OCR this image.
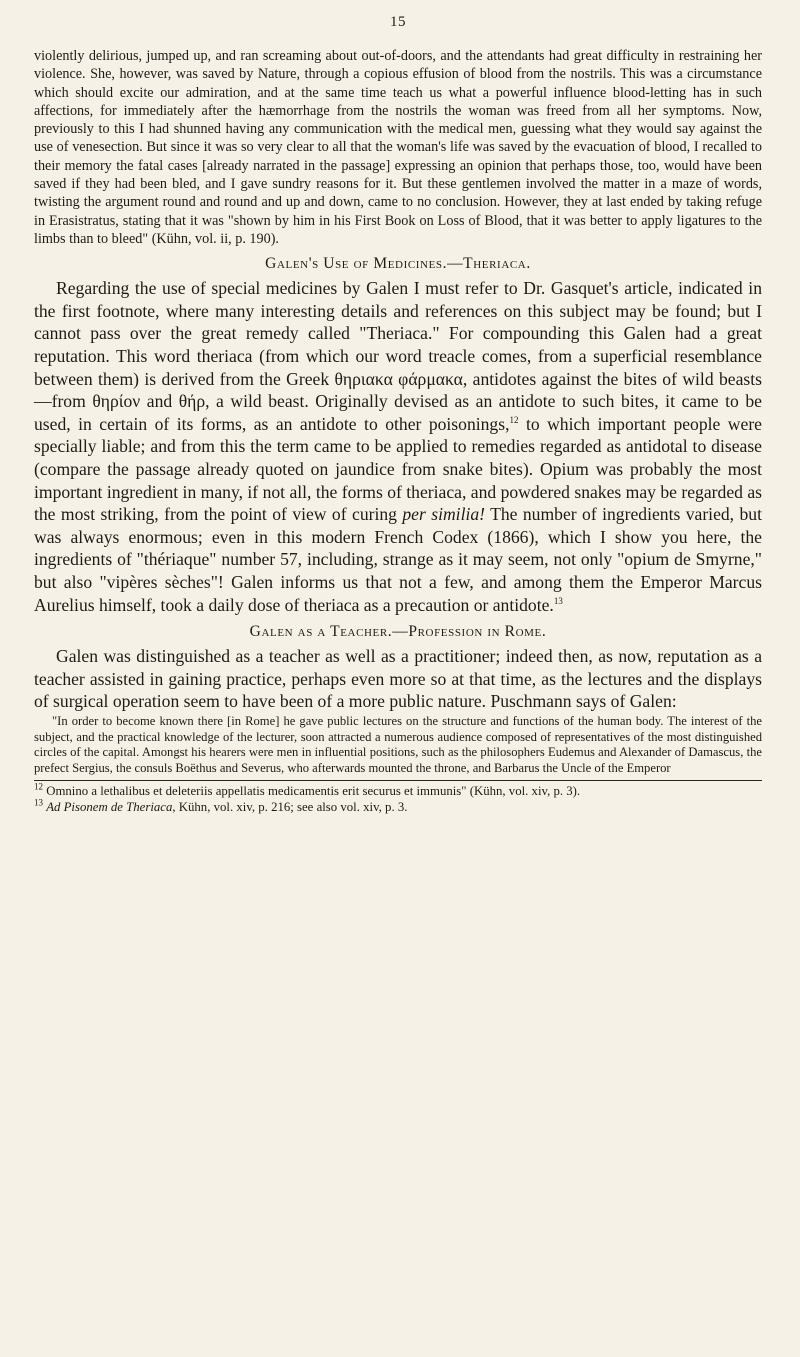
15

violently delirious, jumped up, and ran screaming about out-of-doors, and the attendants had great difficulty in restraining her violence. She, however, was saved by Nature, through a copious effusion of blood from the nostrils. This was a circumstance which should excite our admiration, and at the same time teach us what a powerful influence blood-letting has in such affections, for immediately after the hæmorrhage from the nostrils the woman was freed from all her symptoms. Now, previously to this I had shunned having any communication with the medical men, guessing what they would say against the use of venesection. But since it was so very clear to all that the woman's life was saved by the evacuation of blood, I recalled to their memory the fatal cases [already narrated in the passage] expressing an opinion that perhaps those, too, would have been saved if they had been bled, and I gave sundry reasons for it. But these gentlemen involved the matter in a maze of words, twisting the argument round and round and up and down, came to no conclusion. However, they at last ended by taking refuge in Erasistratus, stating that it was "shown by him in his First Book on Loss of Blood, that it was better to apply ligatures to the limbs than to bleed" (Kühn, vol. ii, p. 190).

Galen's Use of Medicines.—Theriaca.

Regarding the use of special medicines by Galen I must refer to Dr. Gasquet's article, indicated in the first footnote, where many interesting details and references on this subject may be found; but I cannot pass over the great remedy called "Theriaca." For compounding this Galen had a great reputation. This word theriaca (from which our word treacle comes, from a superficial resemblance between them) is derived from the Greek θηριακα φάρμακα, antidotes against the bites of wild beasts—from θηρίον and θήρ, a wild beast. Originally devised as an antidote to such bites, it came to be used, in certain of its forms, as an antidote to other poisonings,$^{12}$ to which important people were specially liable; and from this the term came to be applied to remedies regarded as antidotal to disease (compare the passage already quoted on jaundice from snake bites). Opium was probably the most important ingredient in many, if not all, the forms of theriaca, and powdered snakes may be regarded as the most striking, from the point of view of curing per similia! The number of ingredients varied, but was always enormous; even in this modern French Codex (1866), which I show you here, the ingredients of "thériaque" number 57, including, strange as it may seem, not only "opium de Smyrne," but also "vipères sèches"! Galen informs us that not a few, and among them the Emperor Marcus Aurelius himself, took a daily dose of theriaca as a precaution or antidote.$^{13}$

Galen as a Teacher.—Profession in Rome.

Galen was distinguished as a teacher as well as a practitioner; indeed then, as now, reputation as a teacher assisted in gaining practice, perhaps even more so at that time, as the lectures and the displays of surgical operation seem to have been of a more public nature. Puschmann says of Galen:

"In order to become known there [in Rome] he gave public lectures on the structure and functions of the human body. The interest of the subject, and the practical knowledge of the lecturer, soon attracted a numerous audience composed of representatives of the most distinguished circles of the capital. Amongst his hearers were men in influential positions, such as the philosophers Eudemus and Alexander of Damascus, the prefect Sergius, the consuls Boëthus and Severus, who afterwards mounted the throne, and Barbarus the Uncle of the Emperor

$^{12}$ Omnino a lethalibus et deleteriis appellatis medicamentis erit securus et immunis" (Kühn, vol. xiv, p. 3).

$^{13}$ Ad Pisonem de Theriaca, Kühn, vol. xiv, p. 216; see also vol. xiv, p. 3.
